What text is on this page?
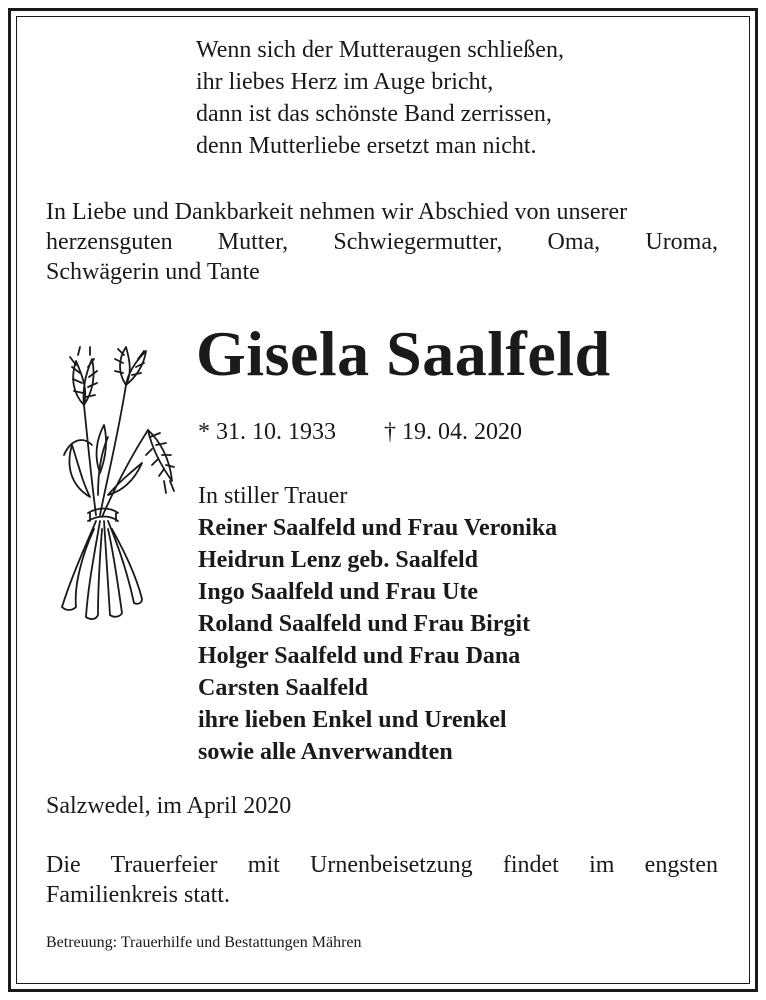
Wenn sich der Mutteraugen schließen,
ihr liebes Herz im Auge bricht,
dann ist das schönste Band zerrissen,
denn Mutterliebe ersetzt man nicht.
In Liebe und Dankbarkeit nehmen wir Abschied von unserer
herzensguten Mutter, Schwiegermutter, Oma, Uroma,
Schwägerin und Tante
Gisela Saalfeld
* 31. 10. 1933 † 19. 04. 2020
In stiller Trauer
Reiner Saalfeld und Frau Veronika
Heidrun Lenz geb. Saalfeld
Ingo Saalfeld und Frau Ute
Roland Saalfeld und Frau Birgit
Holger Saalfeld und Frau Dana
Carsten Saalfeld
ihre lieben Enkel und Urenkel
sowie alle Anverwandten
Salzwedel, im April 2020
Die Trauerfeier mit Urnenbeisetzung findet im engsten
Familienkreis statt.
Betreuung: Trauerhilfe und Bestattungen Mähren
